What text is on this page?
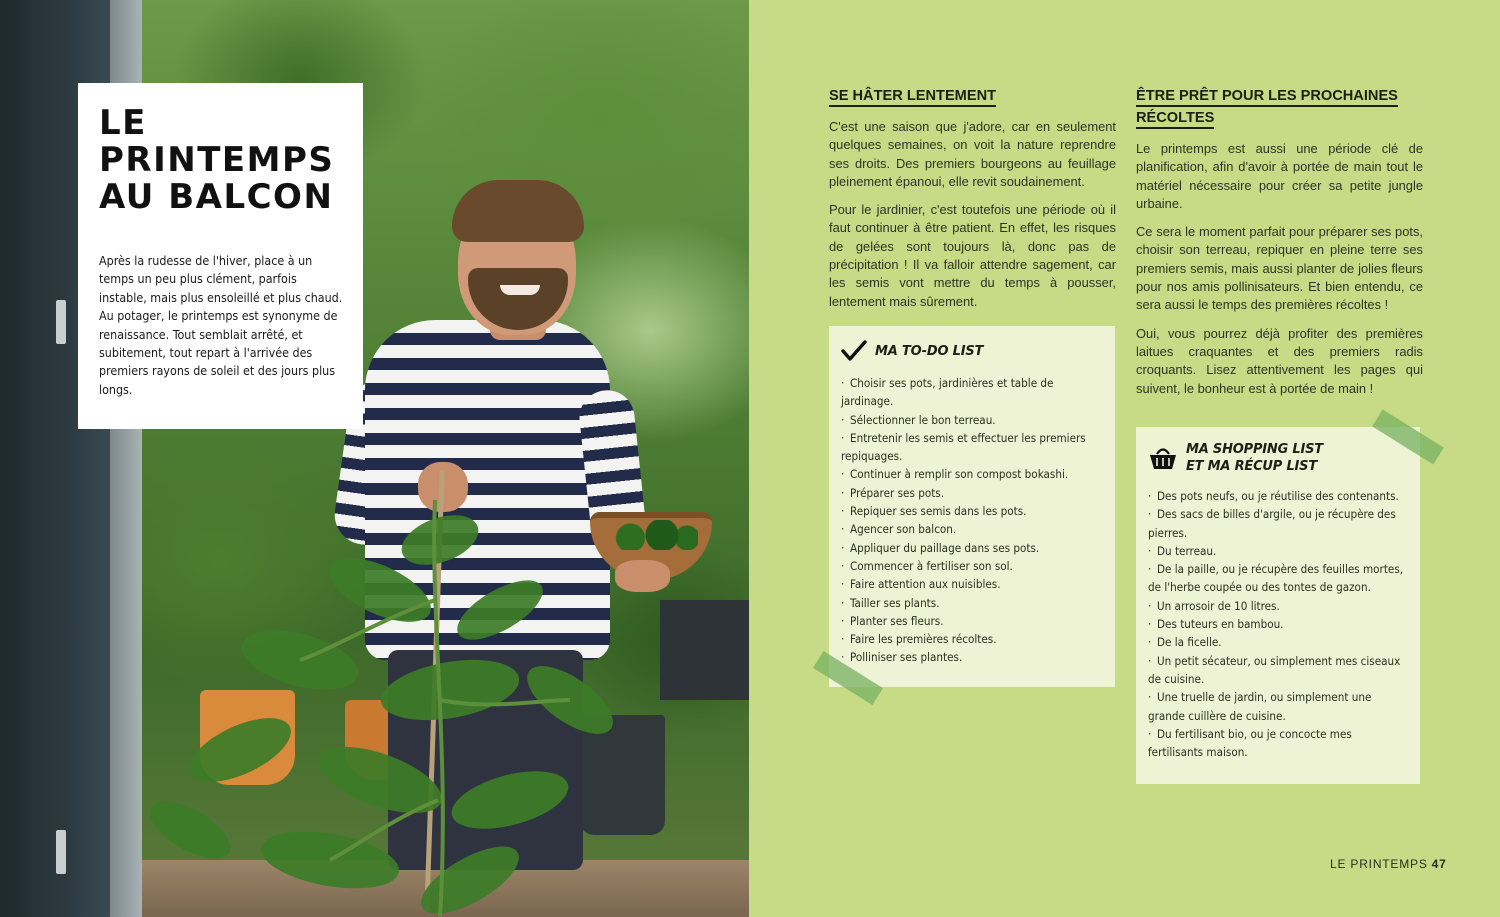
LE
PRINTEMPS
AU BALCON

Après la rudesse de l'hiver, place à un temps un peu plus clément, parfois instable, mais plus ensoleillé et plus chaud. Au potager, le printemps est synonyme de renaissance. Tout semblait arrêté, et subitement, tout repart à l'arrivée des premiers rayons de soleil et des jours plus longs.

SE HÂTER LENTEMENT

C'est une saison que j'adore, car en seulement quelques semaines, on voit la nature reprendre ses droits. Des premiers bourgeons au feuillage pleinement épanoui, elle revit soudainement.

Pour le jardinier, c'est toutefois une période où il faut continuer à être patient. En effet, les risques de gelées sont toujours là, donc pas de précipitation ! Il va falloir attendre sagement, car les semis vont mettre du temps à pousser, lentement mais sûrement.

ÊTRE PRÊT POUR LES PROCHAINES
RÉCOLTES

Le printemps est aussi une période clé de planification, afin d'avoir à portée de main tout le matériel nécessaire pour créer sa petite jungle urbaine.

Ce sera le moment parfait pour préparer ses pots, choisir son terreau, repiquer en pleine terre ses premiers semis, mais aussi planter de jolies fleurs pour nos amis pollinisateurs. Et bien entendu, ce sera aussi le temps des premières récoltes !

Oui, vous pourrez déjà profiter des premières laitues craquantes et des premiers radis croquants. Lisez attentivement les pages qui suivent, le bonheur est à portée de main !

MA TO-DO LIST
· Choisir ses pots, jardinières et table de jardinage.
· Sélectionner le bon terreau.
· Entretenir les semis et effectuer les premiers repiquages.
· Continuer à remplir son compost bokashi.
· Préparer ses pots.
· Repiquer ses semis dans les pots.
· Agencer son balcon.
· Appliquer du paillage dans ses pots.
· Commencer à fertiliser son sol.
· Faire attention aux nuisibles.
· Tailler ses plants.
· Planter ses fleurs.
· Faire les premières récoltes.
· Polliniser ses plantes.
MA SHOPPING LIST
ET MA RÉCUP LIST
· Des pots neufs, ou je réutilise des contenants.
· Des sacs de billes d'argile, ou je récupère des pierres.
· Du terreau.
· De la paille, ou je récupère des feuilles mortes, de l'herbe coupée ou des tontes de gazon.
· Un arrosoir de 10 litres.
· Des tuteurs en bambou.
· De la ficelle.
· Un petit sécateur, ou simplement mes ciseaux de cuisine.
· Une truelle de jardin, ou simplement une grande cuillère de cuisine.
· Du fertilisant bio, ou je concocte mes fertilisants maison.
LE PRINTEMPS 47
